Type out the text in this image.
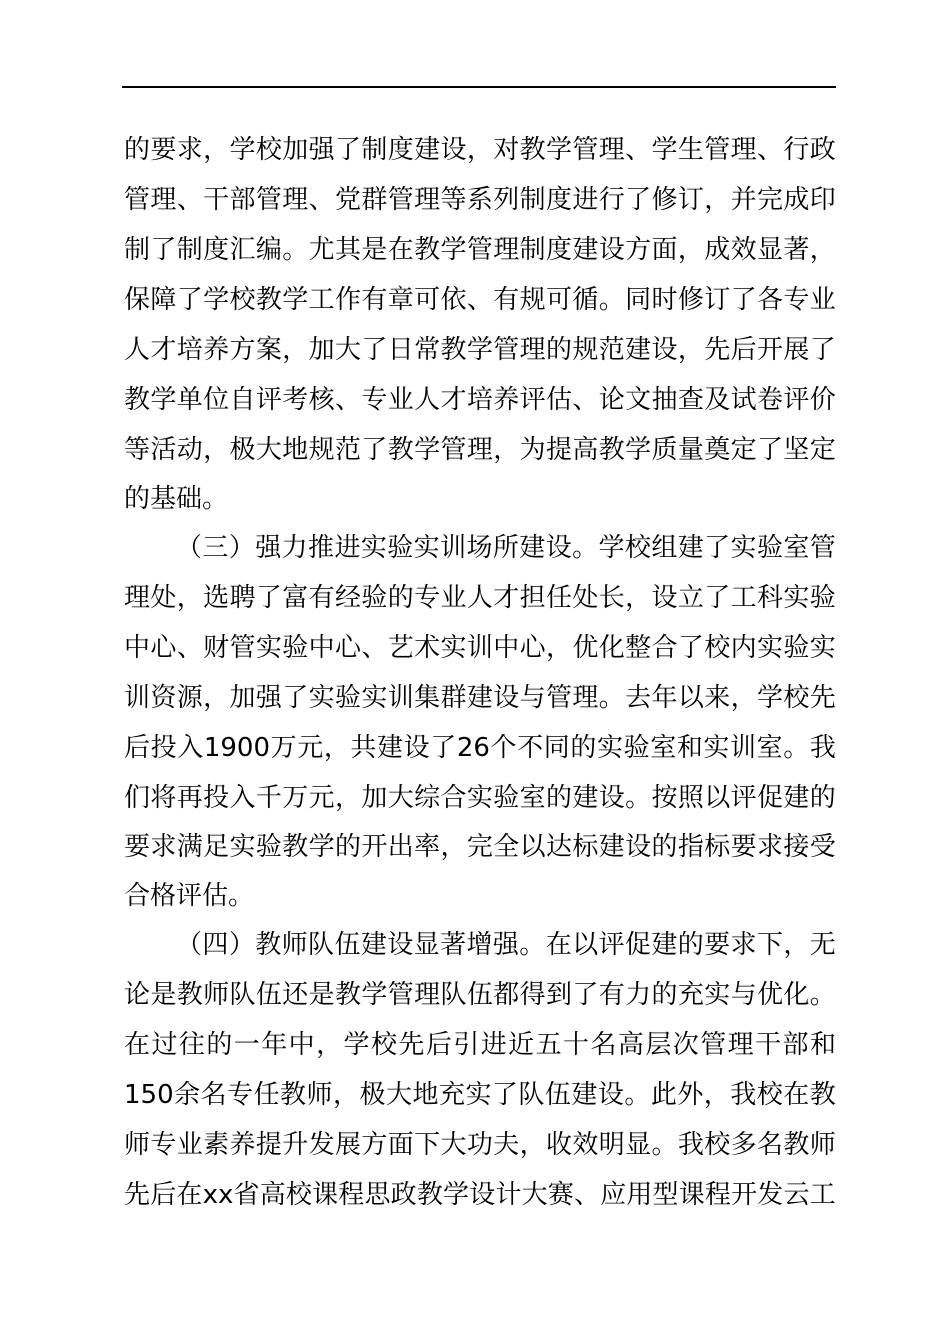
的 要 求 ， 学 校 加 强 了 制 度 建 设 ， 对 教 学 管 理 、 学 生 管 理 、 行 政
管 理 、 干 部 管 理 、 党 群 管 理 等 系 列 制 度 进 行 了 修 订 ， 并 完 成 印
制 了 制 度 汇 编 。 尤 其 是 在 教 学 管 理 制 度 建 设 方 面 ， 成 效 显 著 ，
保 障 了 学 校 教 学 工 作 有 章 可 依 、 有 规 可 循 。 同 时 修 订 了 各 专 业
人 才 培 养 方 案 ， 加 大 了 日 常 教 学 管 理 的 规 范 建 设 ， 先 后 开 展 了
教 学 单 位 自 评 考 核 、 专 业 人 才 培 养 评 估 、 论 文 抽 查 及 试 卷 评 价
等 活 动 ， 极 大 地 规 范 了 教 学 管 理 ， 为 提 高 教 学 质 量 奠 定 了 坚 定
的基础。
（ 三 ） 强 力 推 进 实 验 实 训 场 所 建 设 。 学 校 组 建 了 实 验 室 管
理 处 ， 选 聘 了 富 有 经 验 的 专 业 人 才 担 任 处 长 ， 设 立 了 工 科 实 验
中 心 、 财 管 实 验 中 心 、 艺 术 实 训 中 心 ， 优 化 整 合 了 校 内 实 验 实
训 资 源 ， 加 强 了 实 验 实 训 集 群 建 设 与 管 理 。 去 年 以 来 ， 学 校 先
后 投 入 1900 万 元 ， 共 建 设 了 26 个 不 同 的 实 验 室 和 实 训 室 。 我
们 将 再 投 入 千 万 元 ， 加 大 综 合 实 验 室 的 建 设 。 按 照 以 评 促 建 的
要 求 满 足 实 验 教 学 的 开 出 率 ， 完 全 以 达 标 建 设 的 指 标 要 求 接 受
合格评估。
（ 四 ） 教 师 队 伍 建 设 显 著 增 强 。 在 以 评 促 建 的 要 求 下 ， 无
论 是 教 师 队 伍 还 是 教 学 管 理 队 伍 都 得 到 了 有 力 的 充 实 与 优 化 。
在 过 往 的 一 年 中 ， 学 校 先 后 引 进 近 五 十 名 高 层 次 管 理 干 部 和
150 余 名 专 任 教 师 ， 极 大 地 充 实 了 队 伍 建 设 。 此 外 ， 我 校 在 教
师 专 业 素 养 提 升 发 展 方 面 下 大 功 夫 ， 收 效 明 显 。 我 校 多 名 教 师
先 后 在 xx 省 高 校 课 程 思 政 教 学 设 计 大 赛 、 应 用 型 课 程 开 发 云 工
